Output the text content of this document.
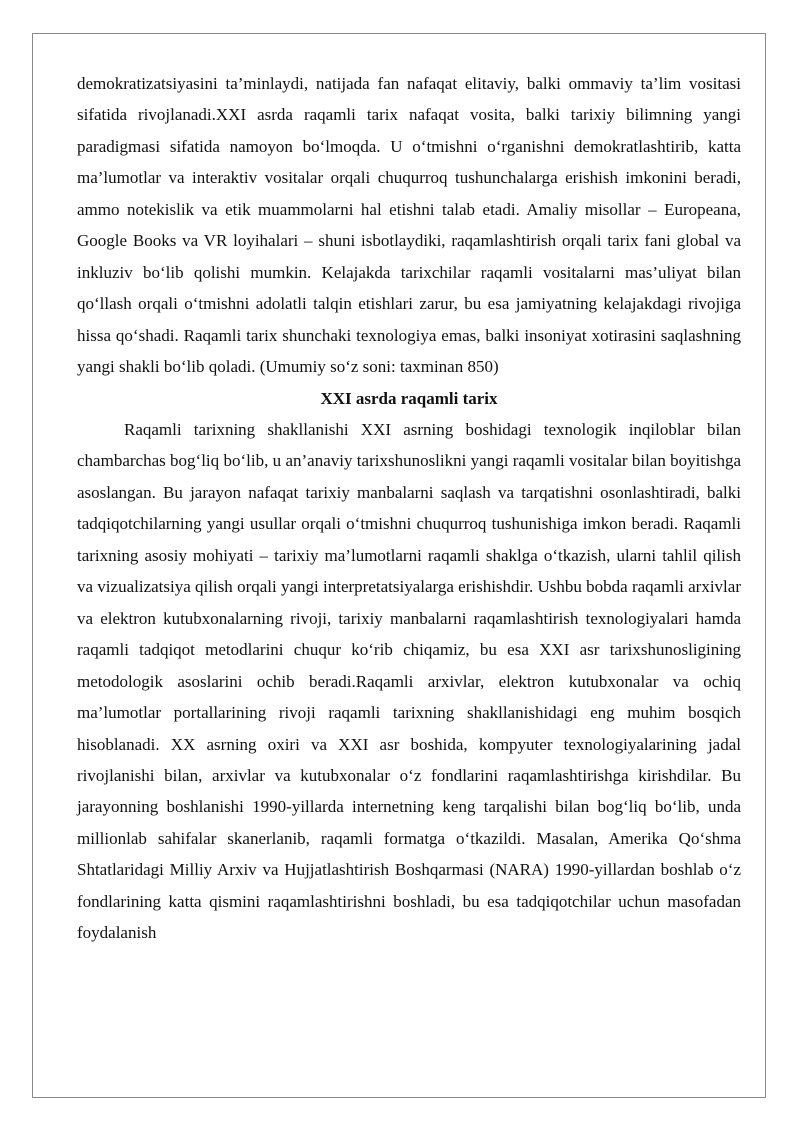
demokratizatsiyasini ta’minlaydi, natijada fan nafaqat elitaviy, balki ommaviy ta’lim vositasi sifatida rivojlanadi.XXI asrda raqamli tarix nafaqat vosita, balki tarixiy bilimning yangi paradigmasi sifatida namoyon bo‘lmoqda. U o‘tmishni o‘rganishni demokratlashtirib, katta ma’lumotlar va interaktiv vositalar orqali chuqurroq tushunchalarga erishish imkonini beradi, ammo notekislik va etik muammolarni hal etishni talab etadi. Amaliy misollar – Europeana, Google Books va VR loyihalari – shuni isbotlaydiki, raqamlashtirish orqali tarix fani global va inkluziv bo‘lib qolishi mumkin. Kelajakda tarixchilar raqamli vositalarni mas’uliyat bilan qo‘llash orqali o‘tmishni adolatli talqin etishlari zarur, bu esa jamiyatning kelajakdagi rivojiga hissa qo‘shadi. Raqamli tarix shunchaki texnologiya emas, balki insoniyat xotirasini saqlashning yangi shakli bo‘lib qoladi. (Umumiy so‘z soni: taxminan 850)

XXI asrda raqamli tarix

Raqamli tarixning shakllanishi XXI asrning boshidagi texnologik inqiloblar bilan chambarchas bog‘liq bo‘lib, u an’anaviy tarixshunoslikni yangi raqamli vositalar bilan boyitishga asoslangan. Bu jarayon nafaqat tarixiy manbalarni saqlash va tarqatishni osonlashtiradi, balki tadqiqotchilarning yangi usullar orqali o‘tmishni chuqurroq tushunishiga imkon beradi. Raqamli tarixning asosiy mohiyati – tarixiy ma’lumotlarni raqamli shaklga o‘tkazish, ularni tahlil qilish va vizualizatsiya qilish orqali yangi interpretatsiyalarga erishishdir. Ushbu bobda raqamli arxivlar va elektron kutubxonalarning rivoji, tarixiy manbalarni raqamlashtirish texnologiyalari hamda raqamli tadqiqot metodlarini chuqur ko‘rib chiqamiz, bu esa XXI asr tarixshunosligining metodologik asoslarini ochib beradi.Raqamli arxivlar, elektron kutubxonalar va ochiq ma’lumotlar portallarining rivoji raqamli tarixning shakllanishidagi eng muhim bosqich hisoblanadi. XX asrning oxiri va XXI asr boshida, kompyuter texnologiyalarining jadal rivojlanishi bilan, arxivlar va kutubxonalar o‘z fondlarini raqamlashtirishga kirishdilar. Bu jarayonning boshlanishi 1990-yillarda internetning keng tarqalishi bilan bog‘liq bo‘lib, unda millionlab sahifalar skanerlanib, raqamli formatga o‘tkazildi. Masalan, Amerika Qo‘shma Shtatlaridagi Milliy Arxiv va Hujjatlashtirish Boshqarmasi (NARA) 1990-yillardan boshlab o‘z fondlarining katta qismini raqamlashtirishni boshladi, bu esa tadqiqotchilar uchun masofadan foydalanish
